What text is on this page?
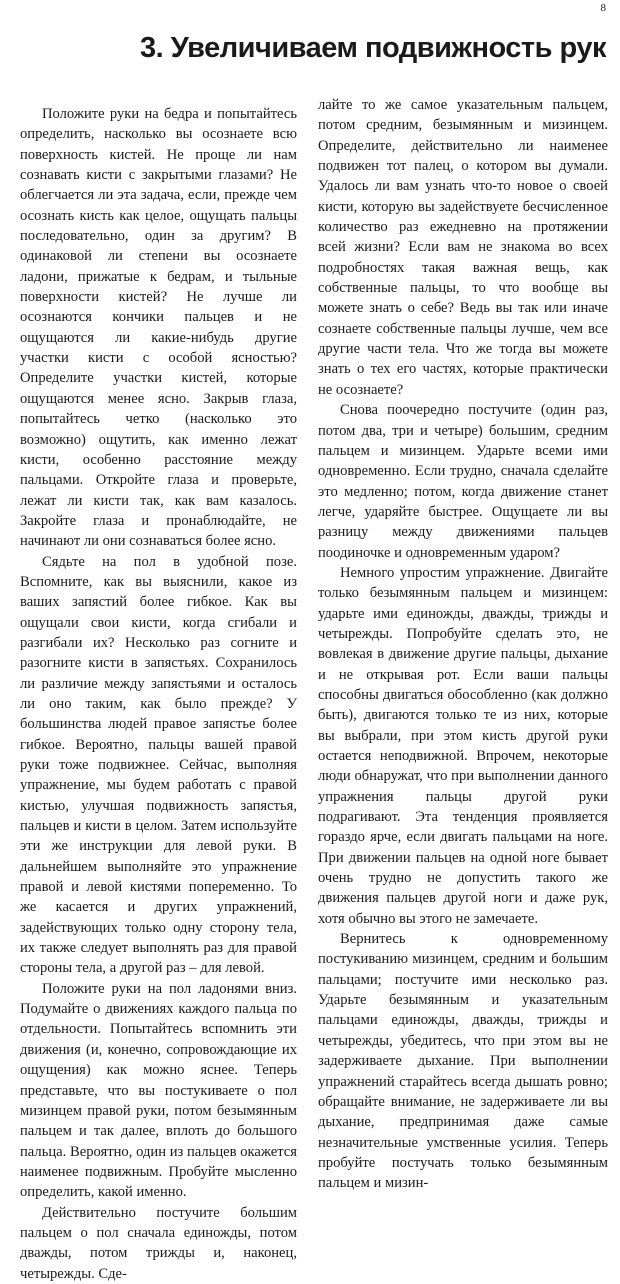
8
3. Увеличиваем подвижность рук

Положите руки на бедра и попытайтесь определить, насколько вы осознаете всю поверхность кистей. Не проще ли нам сознавать кисти с закрытыми глазами? Не облегчается ли эта задача, если, прежде чем осознать кисть как целое, ощущать пальцы последовательно, один за другим? В одинаковой ли степени вы осознаете ладони, прижатые к бедрам, и тыльные поверхности кистей? Не лучше ли осознаются кончики пальцев и не ощущаются ли какие-нибудь другие участки кисти с особой ясностью? Определите участки кистей, которые ощущаются менее ясно. Закрыв глаза, попытайтесь четко (насколько это возможно) ощутить, как именно лежат кисти, особенно расстояние между пальцами. Откройте глаза и проверьте, лежат ли кисти так, как вам казалось. Закройте глаза и пронаблюдайте, не начинают ли они сознаваться более ясно.

Сядьте на пол в удобной позе. Вспомните, как вы выяснили, какое из ваших запястий более гибкое. Как вы ощущали свои кисти, когда сгибали и разгибали их? Несколько раз согните и разогните кисти в запястьях. Сохранилось ли различие между запястьями и осталось ли оно таким, как было прежде? У большинства людей правое запястье более гибкое. Вероятно, пальцы вашей правой руки тоже подвижнее. Сейчас, выполняя упражнение, мы будем работать с правой кистью, улучшая подвижность запястья, пальцев и кисти в целом. Затем используйте эти же инструкции для левой руки. В дальнейшем выполняйте это упражнение правой и левой кистями попеременно. То же касается и других упражнений, задействующих только одну сторону тела, их также следует выполнять раз для правой стороны тела, а другой раз – для левой.

Положите руки на пол ладонями вниз. Подумайте о движениях каждого пальца по отдельности. Попытайтесь вспомнить эти движения (и, конечно, сопровождающие их ощущения) как можно яснее. Теперь представьте, что вы постукиваете о пол мизинцем правой руки, потом безымянным пальцем и так далее, вплоть до большого пальца. Вероятно, один из пальцев окажется наименее подвижным. Пробуйте мысленно определить, какой именно.

Действительно постучите большим пальцем о пол сначала единожды, потом дважды, потом трижды и, наконец, четырежды. Сде-

лайте то же самое указательным пальцем, потом средним, безымянным и мизинцем. Определите, действительно ли наименее подвижен тот палец, о котором вы думали. Удалось ли вам узнать что-то новое о своей кисти, которую вы задействуете бесчисленное количество раз ежедневно на протяжении всей жизни? Если вам не знакома во всех подробностях такая важная вещь, как собственные пальцы, то что вообще вы можете знать о себе? Ведь вы так или иначе сознаете собственные пальцы лучше, чем все другие части тела. Что же тогда вы можете знать о тех его частях, которые практически не осознаете?

Снова поочередно постучите (один раз, потом два, три и четыре) большим, средним пальцем и мизинцем. Ударьте всеми ими одновременно. Если трудно, сначала сделайте это медленно; потом, когда движение станет легче, ударяйте быстрее. Ощущаете ли вы разницу между движениями пальцев поодиночке и одновременным ударом?

Немного упростим упражнение. Двигайте только безымянным пальцем и мизинцем: ударьте ими единожды, дважды, трижды и четырежды. Попробуйте сделать это, не вовлекая в движение другие пальцы, дыхание и не открывая рот. Если ваши пальцы способны двигаться обособленно (как должно быть), двигаются только те из них, которые вы выбрали, при этом кисть другой руки остается неподвижной. Впрочем, некоторые люди обнаружат, что при выполнении данного упражнения пальцы другой руки подрагивают. Эта тенденция проявляется гораздо ярче, если двигать пальцами на ноге. При движении пальцев на одной ноге бывает очень трудно не допустить такого же движения пальцев другой ноги и даже рук, хотя обычно вы этого не замечаете.

Вернитесь к одновременному постукиванию мизинцем, средним и большим пальцами; постучите ими несколько раз. Ударьте безымянным и указательным пальцами единожды, дважды, трижды и четырежды, убедитесь, что при этом вы не задерживаете дыхание. При выполнении упражнений старайтесь всегда дышать ровно; обращайте внимание, не задерживаете ли вы дыхание, предпринимая даже самые незначительные умственные усилия. Теперь пробуйте постучать только безымянным пальцем и мизин-
